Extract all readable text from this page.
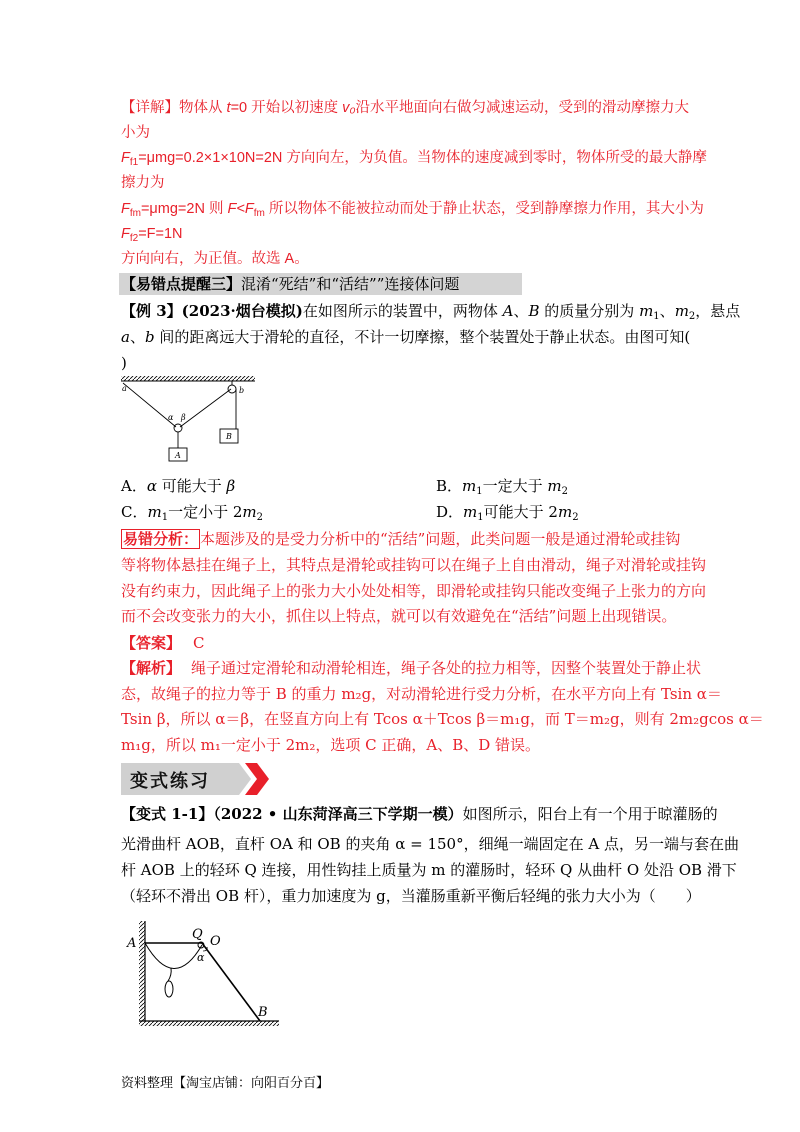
【详解】物体从 t=0 开始以初速度 v₀沿水平地面向右做匀减速运动，受到的滑动摩擦力大
小为
$F_{f1}=\mu mg=0.2\times 1\times 10N=2N$ 方向向左，为负值。当物体的速度减到零时，物体所受的最大静摩
擦力为
$F_{fm}=\mu mg=2N$ 则 $F<F_{fm}$ 所以物体不能被拉动而处于静止状态，受到静摩擦力作用，其大小为
$F_{f2}=F=1N$
方向向右，为正值。故选 A。
【易错点提醒三】混淆“死结”和“活结””连接体问题
【例 3】(2023·烟台模拟)在如图所示的装置中，两物体 A、B 的质量分别为 $m_1$、$m_2$，悬点
a、b 间的距离远大于滑轮的直径，不计一切摩擦，整个装置处于静止状态。由图可知(
)
a	b
α β
A
B
A．α 可能大于 β	B．$m_1$一定大于 $m_2$
C．$m_1$一定小于 $2m_2$	D．$m_1$可能大于 $2m_2$
易错分析： 本题涉及的是受力分析中的“活结”问题，此类问题一般是通过滑轮或挂钩
等将物体悬挂在绳子上，其特点是滑轮或挂钩可以在绳子上自由滑动，绳子对滑轮或挂钩
没有约束力，因此绳子上的张力大小处处相等，即滑轮或挂钩只能改变绳子上张力的方向
而不会改变张力的大小，抓住以上特点，就可以有效避免在“活结”问题上出现错误。
【答案】 C
【解析】 绳子通过定滑轮和动滑轮相连，绳子各处的拉力相等，因整个装置处于静止状
态，故绳子的拉力等于 B 的重力 m₂g，对动滑轮进行受力分析，在水平方向上有 Tsin α＝
Tsin β，所以 α＝β，在竖直方向上有 Tcos α＋Tcos β＝m₁g，而 T＝m₂g，则有 2m₂gcos α＝
m₁g，所以 m₁一定小于 2m₂，选项 C 正确，A、B、D 错误。
变式练习
【变式 1-1】（2022 • 山东菏泽高三下学期一模）如图所示，阳台上有一个用于晾灌肠的
光滑曲杆 AOB，直杆 OA 和 OB 的夹角 α = 150°，细绳一端固定在 A 点，另一端与套在曲
杆 AOB 上的轻环 Q 连接，用性钩挂上质量为 m 的灌肠时，轻环 Q 从曲杆 O 处沿 OB 滑下
（轻环不滑出 OB 杆），重力加速度为 g，当灌肠重新平衡后轻绳的张力大小为（　　）
A
Q O
α
B
资料整理【淘宝店铺：向阳百分百】
